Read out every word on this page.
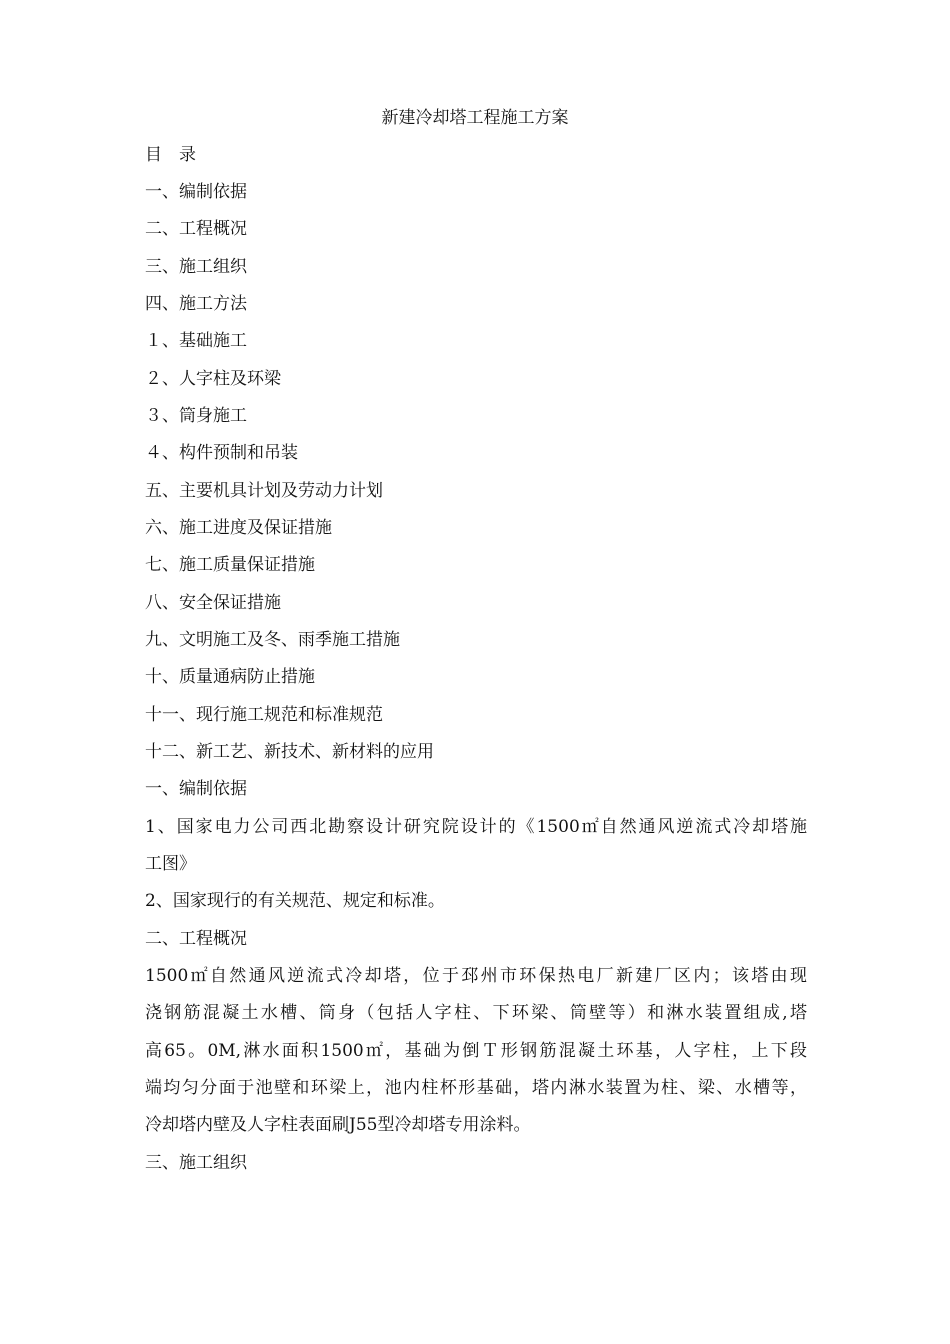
新建冷却塔工程施工方案
目　录
一、编制依据
二、工程概况
三、施工组织
四、施工方法
１、基础施工
２、人字柱及环梁
３、筒身施工
４、构件预制和吊装
五、主要机具计划及劳动力计划
六、施工进度及保证措施
七、施工质量保证措施
八、安全保证措施
九、文明施工及冬、雨季施工措施
十、质量通病防止措施
十一、现行施工规范和标准规范
十二、新工艺、新技术、新材料的应用
一、编制依据
1、国家电力公司西北勘察设计研究院设计的《1500㎡自然通风逆流式冷却塔施
工图》
2、国家现行的有关规范、规定和标准。
二、工程概况
1500㎡自然通风逆流式冷却塔，位于邳州市环保热电厂新建厂区内；该塔由现
浇钢筋混凝土水槽、筒身（包括人字柱、下环梁、筒壁等）和淋水装置组成,塔
高65。0M,淋水面积1500㎡，基础为倒Ｔ形钢筋混凝土环基，人字柱，上下段
端均匀分面于池壁和环梁上，池内柱杯形基础，塔内淋水装置为柱、梁、水槽等，
冷却塔内壁及人字柱表面刷J55型冷却塔专用涂料。
三、施工组织
